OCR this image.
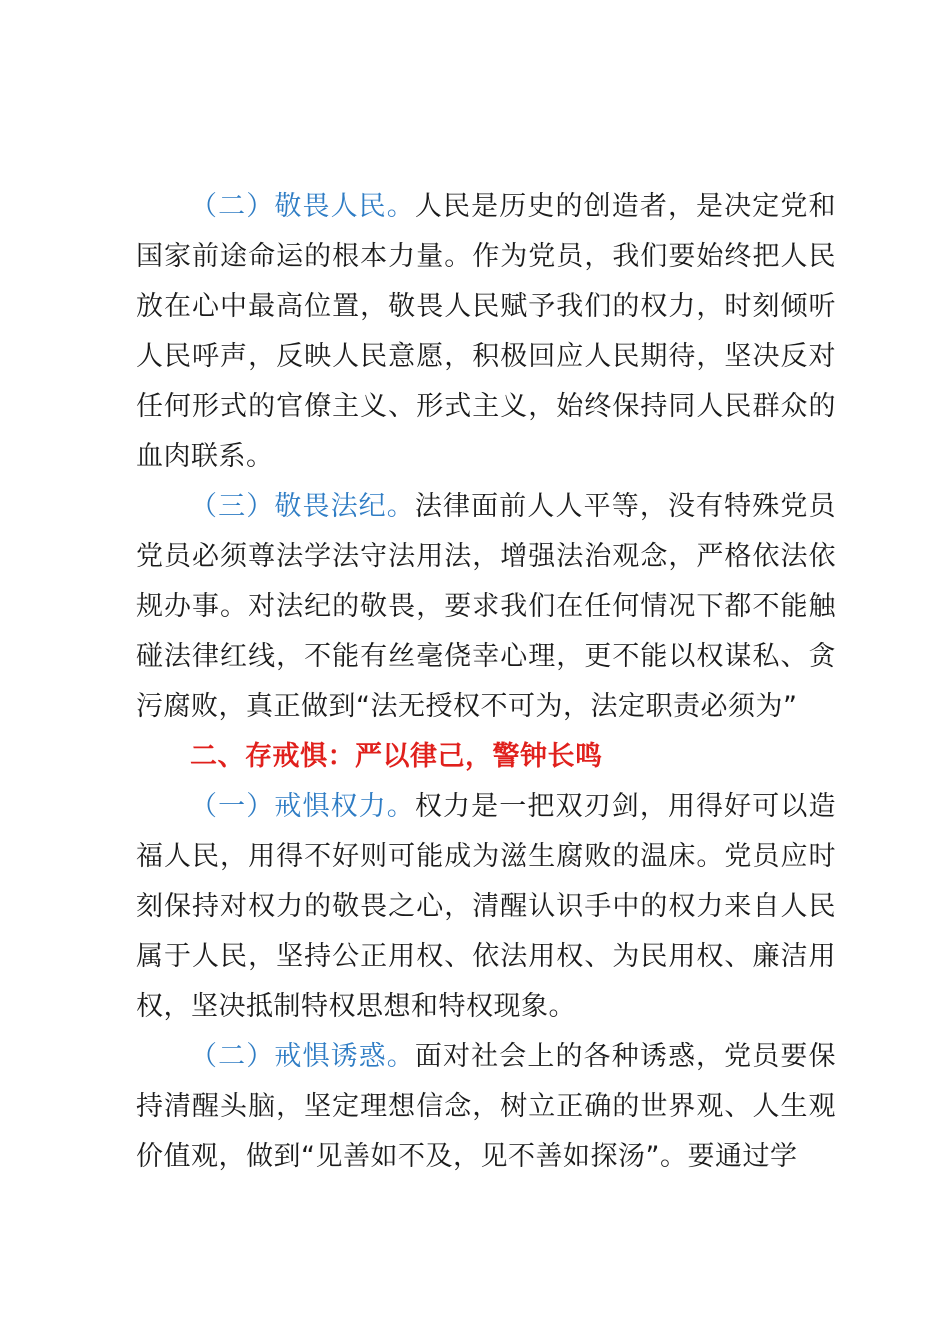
（二）敬畏人民。人民是历史的创造者，是决定党和国家前途命运的根本力量。作为党员，我们要始终把人民放在心中最高位置，敬畏人民赋予我们的权力，时刻倾听人民呼声，反映人民意愿，积极回应人民期待，坚决反对任何形式的官僚主义、形式主义，始终保持同人民群众的血肉联系。

（三）敬畏法纪。法律面前人人平等，没有特殊党员党员必须尊法学法守法用法，增强法治观念，严格依法依规办事。对法纪的敬畏，要求我们在任何情况下都不能触碰法律红线，不能有丝毫侥幸心理，更不能以权谋私、贪污腐败，真正做到“法无授权不可为，法定职责必须为”

二、存戒惧：严以律己，警钟长鸣

（一）戒惧权力。权力是一把双刃剑，用得好可以造福人民，用得不好则可能成为滋生腐败的温床。党员应时刻保持对权力的敬畏之心，清醒认识手中的权力来自人民属于人民，坚持公正用权、依法用权、为民用权、廉洁用权，坚决抵制特权思想和特权现象。

（二）戒惧诱惑。面对社会上的各种诱惑，党员要保持清醒头脑，坚定理想信念，树立正确的世界观、人生观价值观，做到“见善如不及，见不善如探汤”。要通过学
